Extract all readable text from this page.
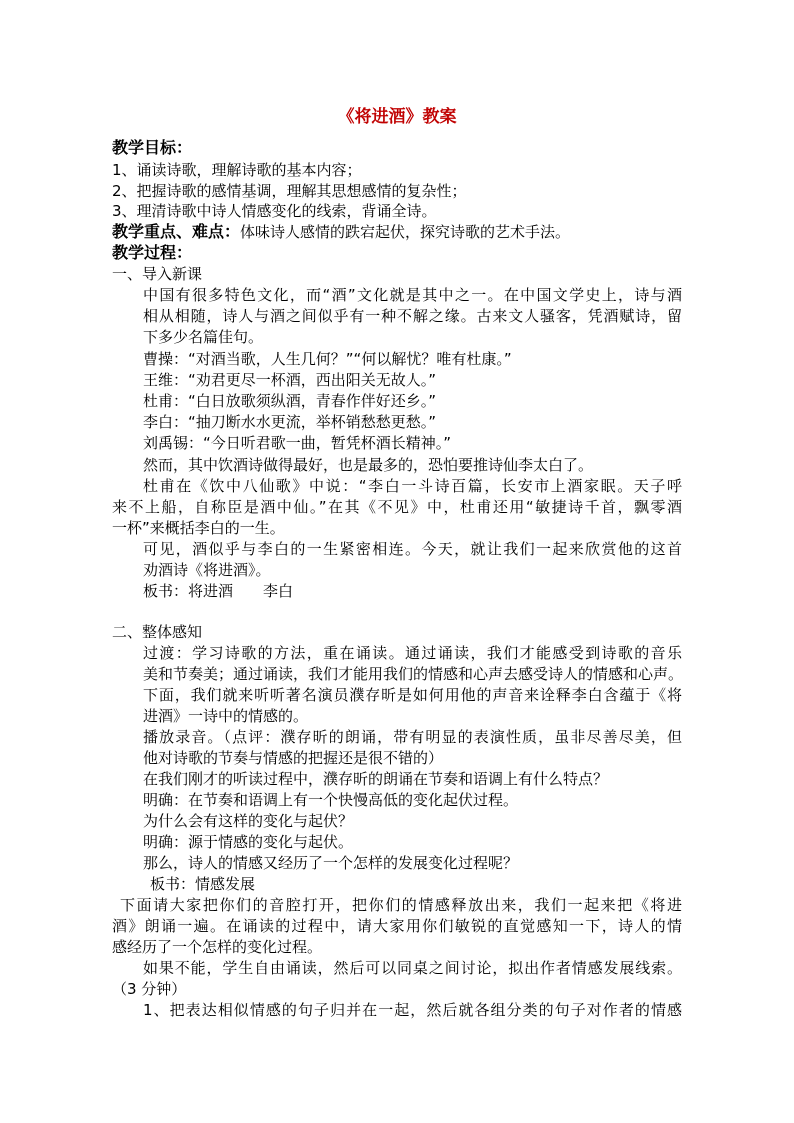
《将进酒》教案
教学目标：
1、诵读诗歌，理解诗歌的基本内容；
2、把握诗歌的感情基调，理解其思想感情的复杂性；
3、理清诗歌中诗人情感变化的线索，背诵全诗。
教学重点、难点：体味诗人感情的跌宕起伏，探究诗歌的艺术手法。
教学过程：
一、导入新课
中国有很多特色文化，而“酒”文化就是其中之一。在中国文学史上，诗与酒
相从相随，诗人与酒之间似乎有一种不解之缘。古来文人骚客，凭酒赋诗，留
下多少名篇佳句。
曹操：“对酒当歌，人生几何？”“何以解忧？唯有杜康。”
王维：“劝君更尽一杯酒，西出阳关无故人。”
杜甫：“白日放歌须纵酒，青春作伴好还乡。”
李白：“抽刀断水水更流，举杯销愁愁更愁。”
刘禹锡：“今日听君歌一曲，暂凭杯酒长精神。”
然而，其中饮酒诗做得最好，也是最多的，恐怕要推诗仙李太白了。
杜甫在《饮中八仙歌》中说：“李白一斗诗百篇，长安市上酒家眠。天子呼
来不上船，自称臣是酒中仙。”在其《不见》中，杜甫还用“敏捷诗千首，飘零酒
一杯”来概括李白的一生。
可见，酒似乎与李白的一生紧密相连。今天，就让我们一起来欣赏他的这首
劝酒诗《将进酒》。
板书：将进酒　　李白
二、整体感知
过渡：学习诗歌的方法，重在诵读。通过诵读，我们才能感受到诗歌的音乐
美和节奏美；通过诵读，我们才能用我们的情感和心声去感受诗人的情感和心声。
下面，我们就来听听著名演员濮存昕是如何用他的声音来诠释李白含蕴于《将
进酒》一诗中的情感的。
播放录音。（点评：濮存昕的朗诵，带有明显的表演性质，虽非尽善尽美，但
他对诗歌的节奏与情感的把握还是很不错的）
在我们刚才的听读过程中，濮存昕的朗诵在节奏和语调上有什么特点？
明确：在节奏和语调上有一个快慢高低的变化起伏过程。
为什么会有这样的变化与起伏？
明确：源于情感的变化与起伏。
那么，诗人的情感又经历了一个怎样的发展变化过程呢？
板书：情感发展
下面请大家把你们的音腔打开，把你们的情感释放出来，我们一起来把《将进
酒》朗诵一遍。在诵读的过程中，请大家用你们敏锐的直觉感知一下，诗人的情
感经历了一个怎样的变化过程。
如果不能，学生自由诵读，然后可以同桌之间讨论，拟出作者情感发展线索。
（3 分钟）
1、把表达相似情感的句子归并在一起，然后就各组分类的句子对作者的情感
